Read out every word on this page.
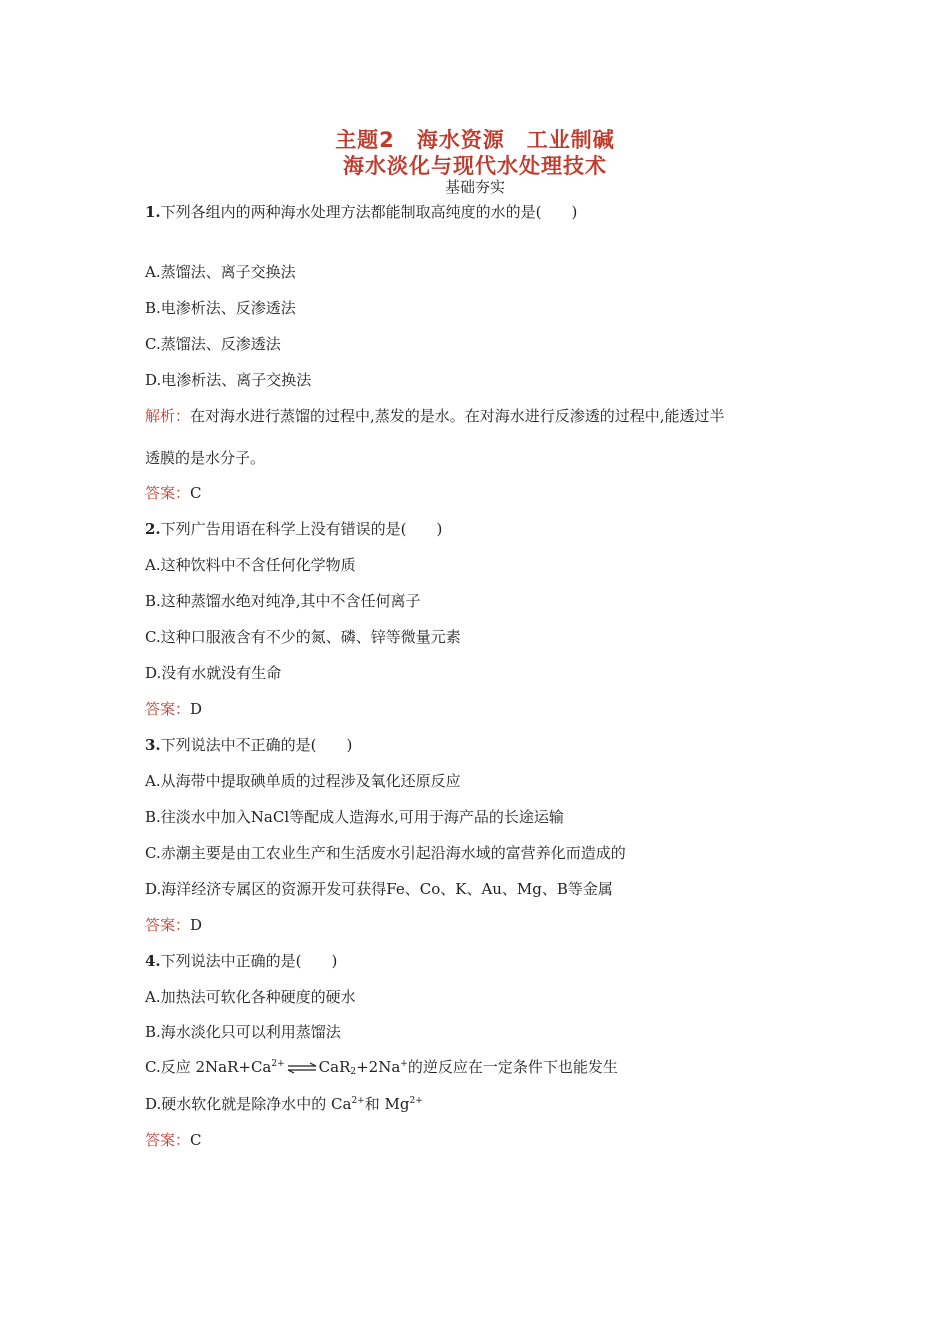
主题2　海水资源　工业制碱
海水淡化与现代水处理技术
基础夯实
1.下列各组内的两种海水处理方法都能制取高纯度的水的是(　　)
A.蒸馏法、离子交换法
B.电渗析法、反渗透法
C.蒸馏法、反渗透法
D.电渗析法、离子交换法
解析：在对海水进行蒸馏的过程中,蒸发的是水。在对海水进行反渗透的过程中,能透过半
透膜的是水分子。
答案：C
2.下列广告用语在科学上没有错误的是(　　)
A.这种饮料中不含任何化学物质
B.这种蒸馏水绝对纯净,其中不含任何离子
C.这种口服液含有不少的氮、磷、锌等微量元素
D.没有水就没有生命
答案：D
3.下列说法中不正确的是(　　)
A.从海带中提取碘单质的过程涉及氧化还原反应
B.往淡水中加入NaCl等配成人造海水,可用于海产品的长途运输
C.赤潮主要是由工农业生产和生活废水引起沿海水域的富营养化而造成的
D.海洋经济专属区的资源开发可获得Fe、Co、K、Au、Mg、B等金属
答案：D
4.下列说法中正确的是(　　)
A.加热法可软化各种硬度的硬水
B.海水淡化只可以利用蒸馏法
C.反应 $2NaR+Ca^{2+}\rightleftharpoons CaR_2+2Na^+$的逆反应在一定条件下也能发生
D.硬水软化就是除净水中的 $Ca^{2+}$和 $Mg^{2+}$
答案：C
